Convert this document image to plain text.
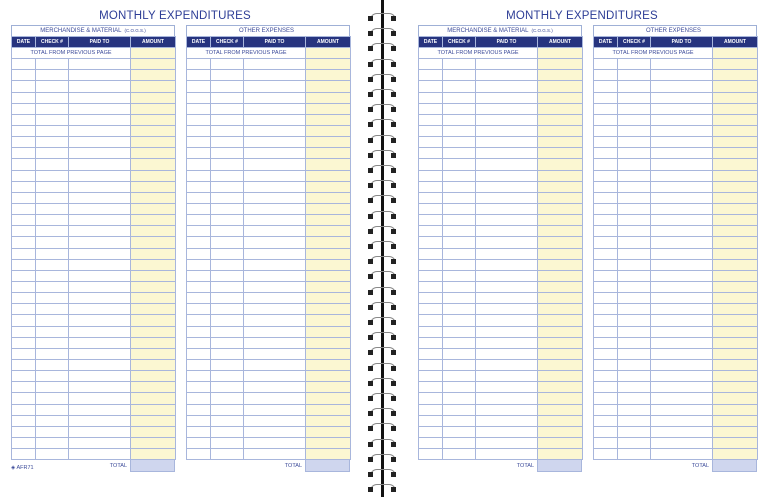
MONTHLY EXPENDITURES
MERCHANDISE & MATERIAL (C.O.G.S.)
DATE	CHECK #	PAID TO	AMOUNT
TOTAL FROM PREVIOUS PAGE			

◈ AFR71	TOTAL
OTHER EXPENSES
DATE	CHECK #	PAID TO	AMOUNT
TOTAL FROM PREVIOUS PAGE			

TOTAL
MONTHLY EXPENDITURES
MERCHANDISE & MATERIAL (C.O.G.S.)
DATE	CHECK #	PAID TO	AMOUNT
TOTAL FROM PREVIOUS PAGE			

TOTAL
OTHER EXPENSES
DATE	CHECK #	PAID TO	AMOUNT
TOTAL FROM PREVIOUS PAGE			

TOTAL
